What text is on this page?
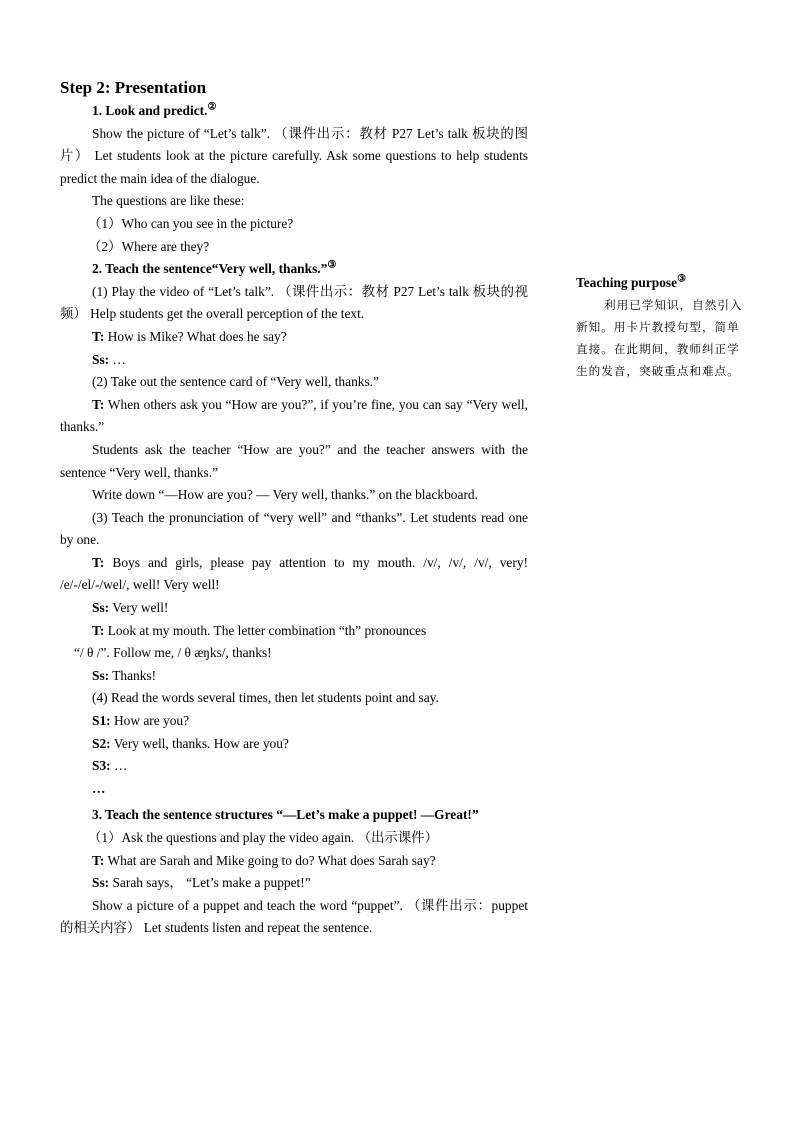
Step 2: Presentation

1. Look and predict.②

Show the picture of “Let’s talk”. （课件出示：教材 P27 Let’s talk 板块的图片） Let students look at the picture carefully. Ask some questions to help students predict the main idea of the dialogue.

The questions are like these:

（1）Who can you see in the picture?

（2）Where are they?

2. Teach the sentence“Very well, thanks.”③

(1) Play the video of “Let’s talk”. （课件出示：教材 P27 Let’s talk 板块的视频） Help students get the overall perception of the text.

T: How is Mike? What does he say?

Ss: …

(2) Take out the sentence card of “Very well, thanks.”

T: When others ask you “How are you?”, if you’re fine, you can say “Very well, thanks.”

Students ask the teacher “How are you?” and the teacher answers with the sentence “Very well, thanks.”

Write down “—How are you? — Very well, thanks.” on the blackboard.

(3) Teach the pronunciation of “very well” and “thanks”. Let students read one by one.

T: Boys and girls, please pay attention to my mouth. /v/, /v/, /v/, very! /e/-/el/-/wel/, well! Very well!

Ss: Very well!

T: Look at my mouth. The letter combination “th” pronounces

“/ θ /”. Follow me, / θ æŋks/, thanks!

Ss: Thanks!

(4) Read the words several times, then let students point and say.

S1: How are you?

S2: Very well, thanks. How are you?

S3: …

…

3. Teach the sentence structures “—Let’s make a puppet! —Great!”

（1）Ask the questions and play the video again. （出示课件）

T: What are Sarah and Mike going to do? What does Sarah say?

Ss: Sarah says， “Let’s make a puppet!”

Show a picture of a puppet and teach the word “puppet”. （课件出示：puppet 的相关内容） Let students listen and repeat the sentence.

Teaching purpose③

利用已学知识，自然引入新知。用卡片教授句型，简单直接。在此期间，教师纠正学生的发音，突破重点和难点。
